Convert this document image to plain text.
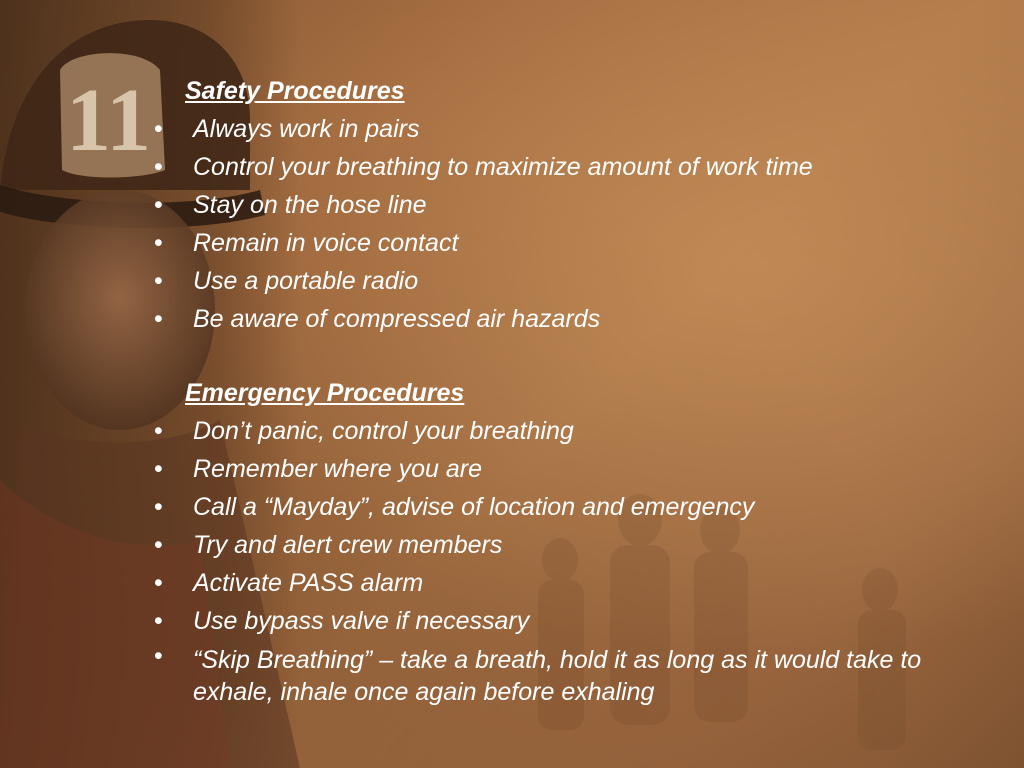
11 Safety Procedures
• Always work in pairs
• Control your breathing to maximize amount of work time
• Stay on the hose line
• Remain in voice contact
• Use a portable radio
• Be aware of compressed air hazards
Emergency Procedures
• Don’t panic, control your breathing
• Remember where you are
• Call a “Mayday”, advise of location and emergency
• Try and alert crew members
• Activate PASS alarm
• Use bypass valve if necessary
• “Skip Breathing” – take a breath, hold it as long as it would take to exhale, inhale once again before exhaling
